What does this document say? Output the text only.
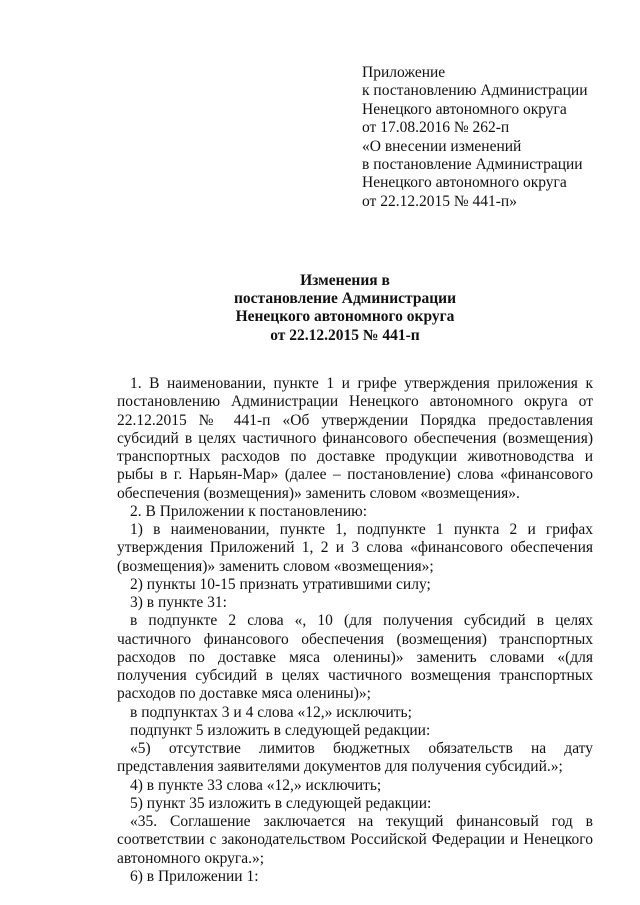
Приложение
к постановлению Администрации
Ненецкого автономного округа
от 17.08.2016 № 262-п
«О внесении изменений
в постановление Администрации
Ненецкого автономного округа
от 22.12.2015 № 441-п»
Изменения в
постановление Администрации
Ненецкого автономного округа
от 22.12.2015 № 441-п

1. В наименовании, пункте 1 и грифе утверждения приложения к постановлению Администрации Ненецкого автономного округа от 22.12.2015 № 441-п «Об утверждении Порядка предоставления субсидий в целях частичного финансового обеспечения (возмещения) транспортных расходов по доставке продукции животноводства и рыбы в г. Нарьян-Мар» (далее – постановление) слова «финансового обеспечения (возмещения)» заменить словом «возмещения».

2. В Приложении к постановлению:

1) в наименовании, пункте 1, подпункте 1 пункта 2 и грифах утверждения Приложений 1, 2 и 3 слова «финансового обеспечения (возмещения)» заменить словом «возмещения»;

2) пункты 10-15 признать утратившими силу;

3) в пункте 31:

в подпункте 2 слова «, 10 (для получения субсидий в целях частичного финансового обеспечения (возмещения) транспортных расходов по доставке мяса оленины)» заменить словами «(для получения субсидий в целях частичного возмещения транспортных расходов по доставке мяса оленины)»;

в подпунктах 3 и 4 слова «12,» исключить;

подпункт 5 изложить в следующей редакции:

«5) отсутствие лимитов бюджетных обязательств на дату представления заявителями документов для получения субсидий.»;

4) в пункте 33 слова «12,» исключить;

5) пункт 35 изложить в следующей редакции:

«35. Соглашение заключается на текущий финансовый год в соответствии с законодательством Российской Федерации и Ненецкого автономного округа.»;

6) в Приложении 1:
